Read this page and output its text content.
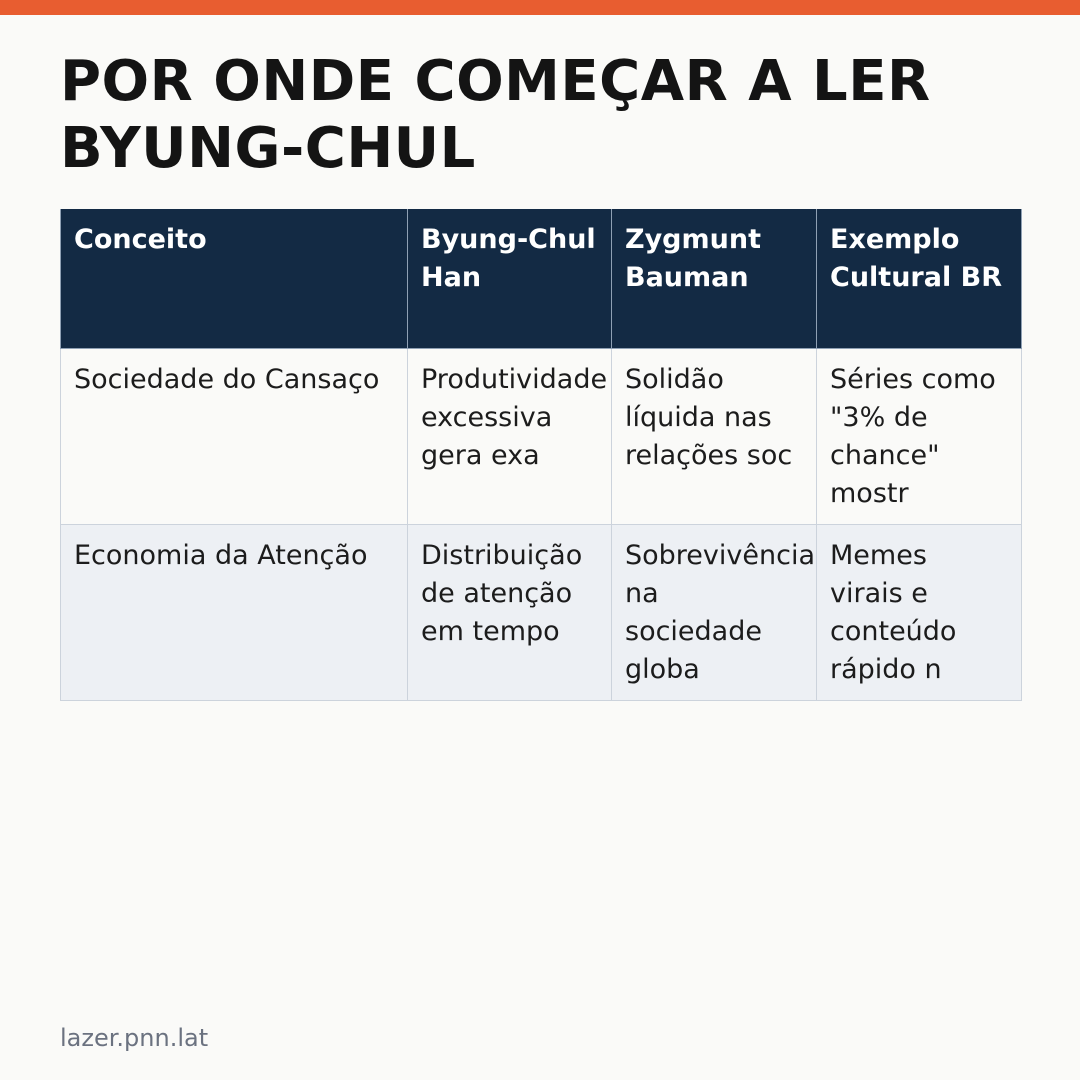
POR ONDE COMEÇAR A LER BYUNG-CHUL
Conceito	Byung-Chul Han	Zygmunt Bauman	Exemplo Cultural BR
Sociedade do Cansaço	Produtividade excessiva gera exa	Solidão líquida nas relações soc	Séries como "3% de chance" mostr
Economia da Atenção	Distribuição de atenção em tempo	Sobrevivência na sociedade globa	Memes virais e conteúdo rápido n
lazer.pnn.lat
